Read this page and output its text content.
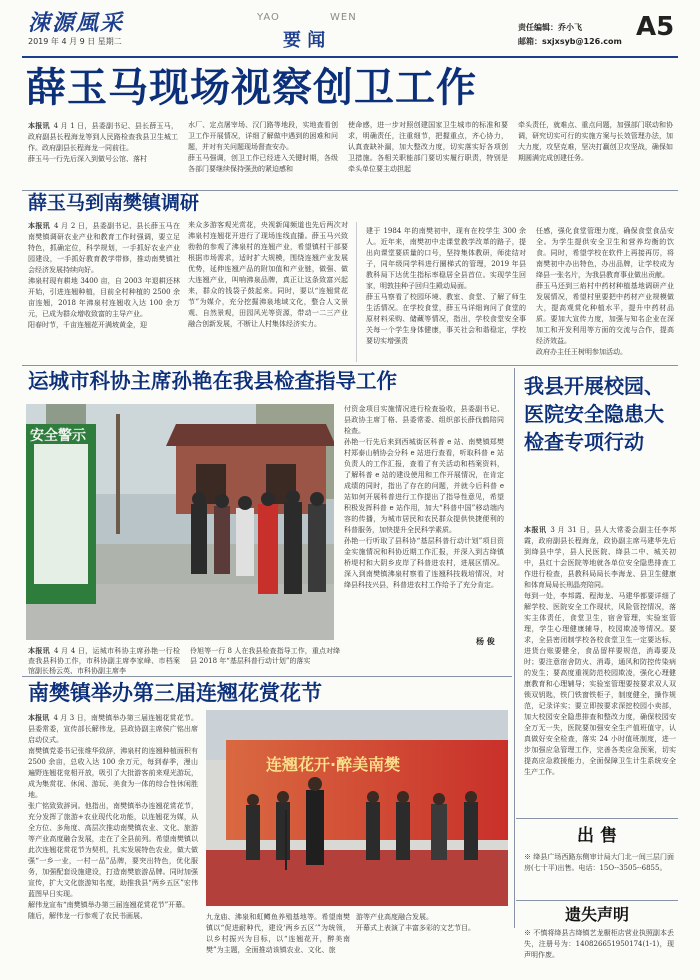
涑源風采
2019 年 4 月 9 日 星期二
YAO	WEN
要 闻
责任编辑：乔小飞
邮箱：sxjxsyb@126.com A5
薛玉马现场视察创卫工作
本报讯 4 月 1 日，县委副书记、县长薛玉马，政府副县长程海龙等到人民路检查我县卫生城工作。政府副县长程海龙一同前往。
薛玉马一行先后深入到做号公馆、落村
水厂、定点屠宰场、汉门路等地段，实地查看创卫工作开展情况，详细了解做中遇到的困难和问题，并对有关问题现场督查安办。
薛玉马强调，创卫工作已经进入关键时期，各级各部门要继续保持强劲的紧迫感和
使命感，进一步对照创建国家卫生城市的标准和要求，明确责任，注重细节，把握重点，齐心协力，认真查缺补漏，加大整改力度，切实落实好各项创卫措施。各相关职能部门要切实履行职责，特别是牵头单位要主动担起
牵头责任，就难点、重点问题，加强部门联动和协调，研究切实可行的实施方案与长效管理办法，加大力度，攻坚克难，坚决打赢创卫攻坚战，确保如期圆满完成创建任务。
薛玉马到南樊镇调研
本报讯 4 月 2 日，县委副书记、县长薛玉马在南樊镇调研农业产业和教育工作时强调，要立足特色，抓确定位，科学规划，一手抓好农业产业园建设，一手抓好教育教学带修，推动南樊镇社会经济发展持续向好。
沸泉村现有耕地 3400 亩，自 2003 年退耕还林开始，引进连翘种植，目前全村种植的 2500 余亩连翘，2018 年沸泉村连翘收入达 100 余万元，已成为群众增收致富的主导产业。
阳春时节，千亩连翘花开满坡黄金，迎
来众多游客观光赏花，央视新闻频道也先后两次对沸泉村连翘花开进行了现场连线直播。薛玉马兴致勃勃的参观了沸泉村的连翘产业，希望镇村干部要根据市场需求，适时扩大规模，围绕连翘产业发展优势，延伸连翘产品的附加值和产业链，做强、做大连翘产业，叫响沸泉品牌，真正让这条致富兴起来，群众的钱袋子鼓起来。同时，要以“连翘赏花节”为媒介，充分挖掘沸泉地域文化，整合人文景观、自然景观，田园风光等资源，带动一二三产业融合创新发展，不断让人村集体经济实力。
建于 1984 年的南樊初中，现有在校学生 300 余人。近年来，南樊初中走课堂教学改革的路子，提出向课堂要质量的口号，坚持集体教研，师徒结对子，同年级同学科进行圈梯式的管理，2019 年县教科局下达优生指标率稳居全县首位。实现学生回家，明敦挂种子回归生殿动局面。
薛玉马察看了校园环境、教室、食堂、了解了师生生活情况。在学校食堂，薛玉马详细询问了食堂的原材料采购、储藏等情况，指出，学校食堂安全事关每一个学生身体健康，事关社会和谐稳定，学校要切实增强责
任感，强化食堂管理力度，确保食堂食品安全。为学生提供安全卫生和营养均衡的饮食。同时，希望学校在软件上再接再厉，将南樊初中办出特色，办出品牌，让学校成为绛县一张名片，为我县教育事业做出贡献。
薛玉马还到三焰村中药材种植基地调研产业发展情况，希望村里要把中药材产业规模做大，提高观赏化种植水平，提升中药材品质。要加大宣传力度，加强与知名企业在深加工和开发利用等方面的交流与合作，提高经济效益。
政府办主任王树明参加活动。
运城市科协主席孙艳在我县检查指导工作
安全警示
付资金项目实施情况进行检查验收，县委副书记、县政协主席丁格、县委常委、组织部长薛伐鹤陪同检查。
孙艳一行先后来到西城街区科普 e 站、南樊镇郑樊村郑泰山梢协会分科 e 站进行查看，听取科普 e 站负责人的工作汇报，查看了有关活动和档案资料，了解科普 e 站的建设使用和工作开展情况，在肯定成绩的同时，指出了存在的问题，并就今后科普 e 站如何开展科普进行工作提出了指导性意见，希望积极发挥科普 e 站作用，加大“科普中国”移动端内容的传播，为城市居民和农民群众提供快捷便利的科普服务，加快提升全民科学素质。
孙艳一行听取了县科协“基层科普行动计划”项目资金实施情况和科协近期工作汇报，并深入到古绛镇桥堤村和大阴乡皮岸了科普进农村，进展区情况。深入到南樊镇沸泉村察看了连翘科技栽培情况，对绛县科技兴县，科普进农村工作给予了充分肯定。
杨 俊
本报讯 4 月 4 日，运城市科协主席孙艳一行检查我县科协工作，市科协副主席李家峰、市档案馆副长杨云英、市科协副主席李
伶旭等一行 8 人在我县检查指导工作，重点对绛县 2018 年“基层科普行动计划”的落实
我县开展校园、医院安全隐患大检查专项行动
本报讯 3 月 31 日，县人大常委会副主任李邦霞，政府副县长程海龙，政协副主席马建华先后到绛县中学，县人民医院、绛县二中、城关初中，县红十会医院等地就各单位安全隐患排查工作进行检查，县教科局局长李海龙、县卫生健康和体育局局长刑晶亮陪同。
每到一处，李邦霞、程海龙、马建华都要详细了解学校、医院安全工作现状，风险管控情况，落实主体责任，食堂卫生，宿舍管理，实验室管理，学生心理健康辅导，校园欺凌等情况。要求，全县密闭制学校各校食堂卫生一定要达标，进货台账要健全，食品留样要规范，消毒要及时；要注意宿舍防火、消毒，通风和防控传染病的发生；要高度重视防范校园欺凌，强化心理健康教育和心理辅导；实验室管理要按要求双人双锁双钥匙，铁门铁窗铁柜子，制度健全，操作规范，记录详实；要立即按要求深挖校园小卖部，加大校园安全隐患排查和整改力度，确保校园安全万无一失，医院要加强安全生产值班值守，认真做好安全检查，落实 24 小时值班制度，进一步加强应急管理工作，完善各类应急预案，切实提高应急救援能力，全面保障卫生计生系统安全生产工作。
南樊镇举办第三届连翘花赏花节
本报讯 4 月 3 日，南樊镇举办第三届连翘花赏花节。县委常委，宣传部长解伟龙，县政协副主席侯广铭出席启动仪式。
南樊镇党委书记张维华致辞，沸泉村的连翘种植面积有 2500 余亩，总收入达 100 余万元，每到春季，漫山遍野连翘花竞相开放，吸引了大批游客前来观光游玩，成为集赏花、休闲、游玩、美食为一体的综合性休闲胜地。
张广铭致致辞词。他指出，南樊镇举办连翘花赏花节，充分发挥了旅游+农业现代化功能，以连翘花为媒，从全方位、多角度、高层次推动南樊镇农业、文化、旅游等产业高度融合发展，走在了全县前列。希望南樊镇以此次连翘花赏花节为契机，扎实发展特色农业，做大做强“一乡一业，一村一品”品牌，要突出特色，优化服务，加强配套设施建设，打造南樊旅游品牌。同时加强宣传，扩大文化旅游知名度，助推我县“两乡五区”宏伟蓝图早日实现。
解伟龙宣布“南樊镇举办第三届连翘花赏花节”开幕。
随后，解伟龙一行参观了农民书画展、
连翘花开·醉美南樊
九龙庙、沸泉和虹鳟鱼养殖基地等。希望南樊镇以“促进耐种代，建设‘两乡五区’”为统领，以乡村振兴为目标，以“连翘花开，醉美南樊”为主题，全面推动该镇农业、文化、旅
游等产业高度融合发展。
开幕式上表演了丰富多彩的文艺节目。
出 售
※ 绛县广场西路东侧审计局大门北一间三层门面房(七十平)出售。电话：15O--3505--6855。
遗失声明
※ 不慎将绛县古绛镇艺龙橱柜店营业执照副本丢失，注册号为：140826651950174(1-1)，现声明作废。
